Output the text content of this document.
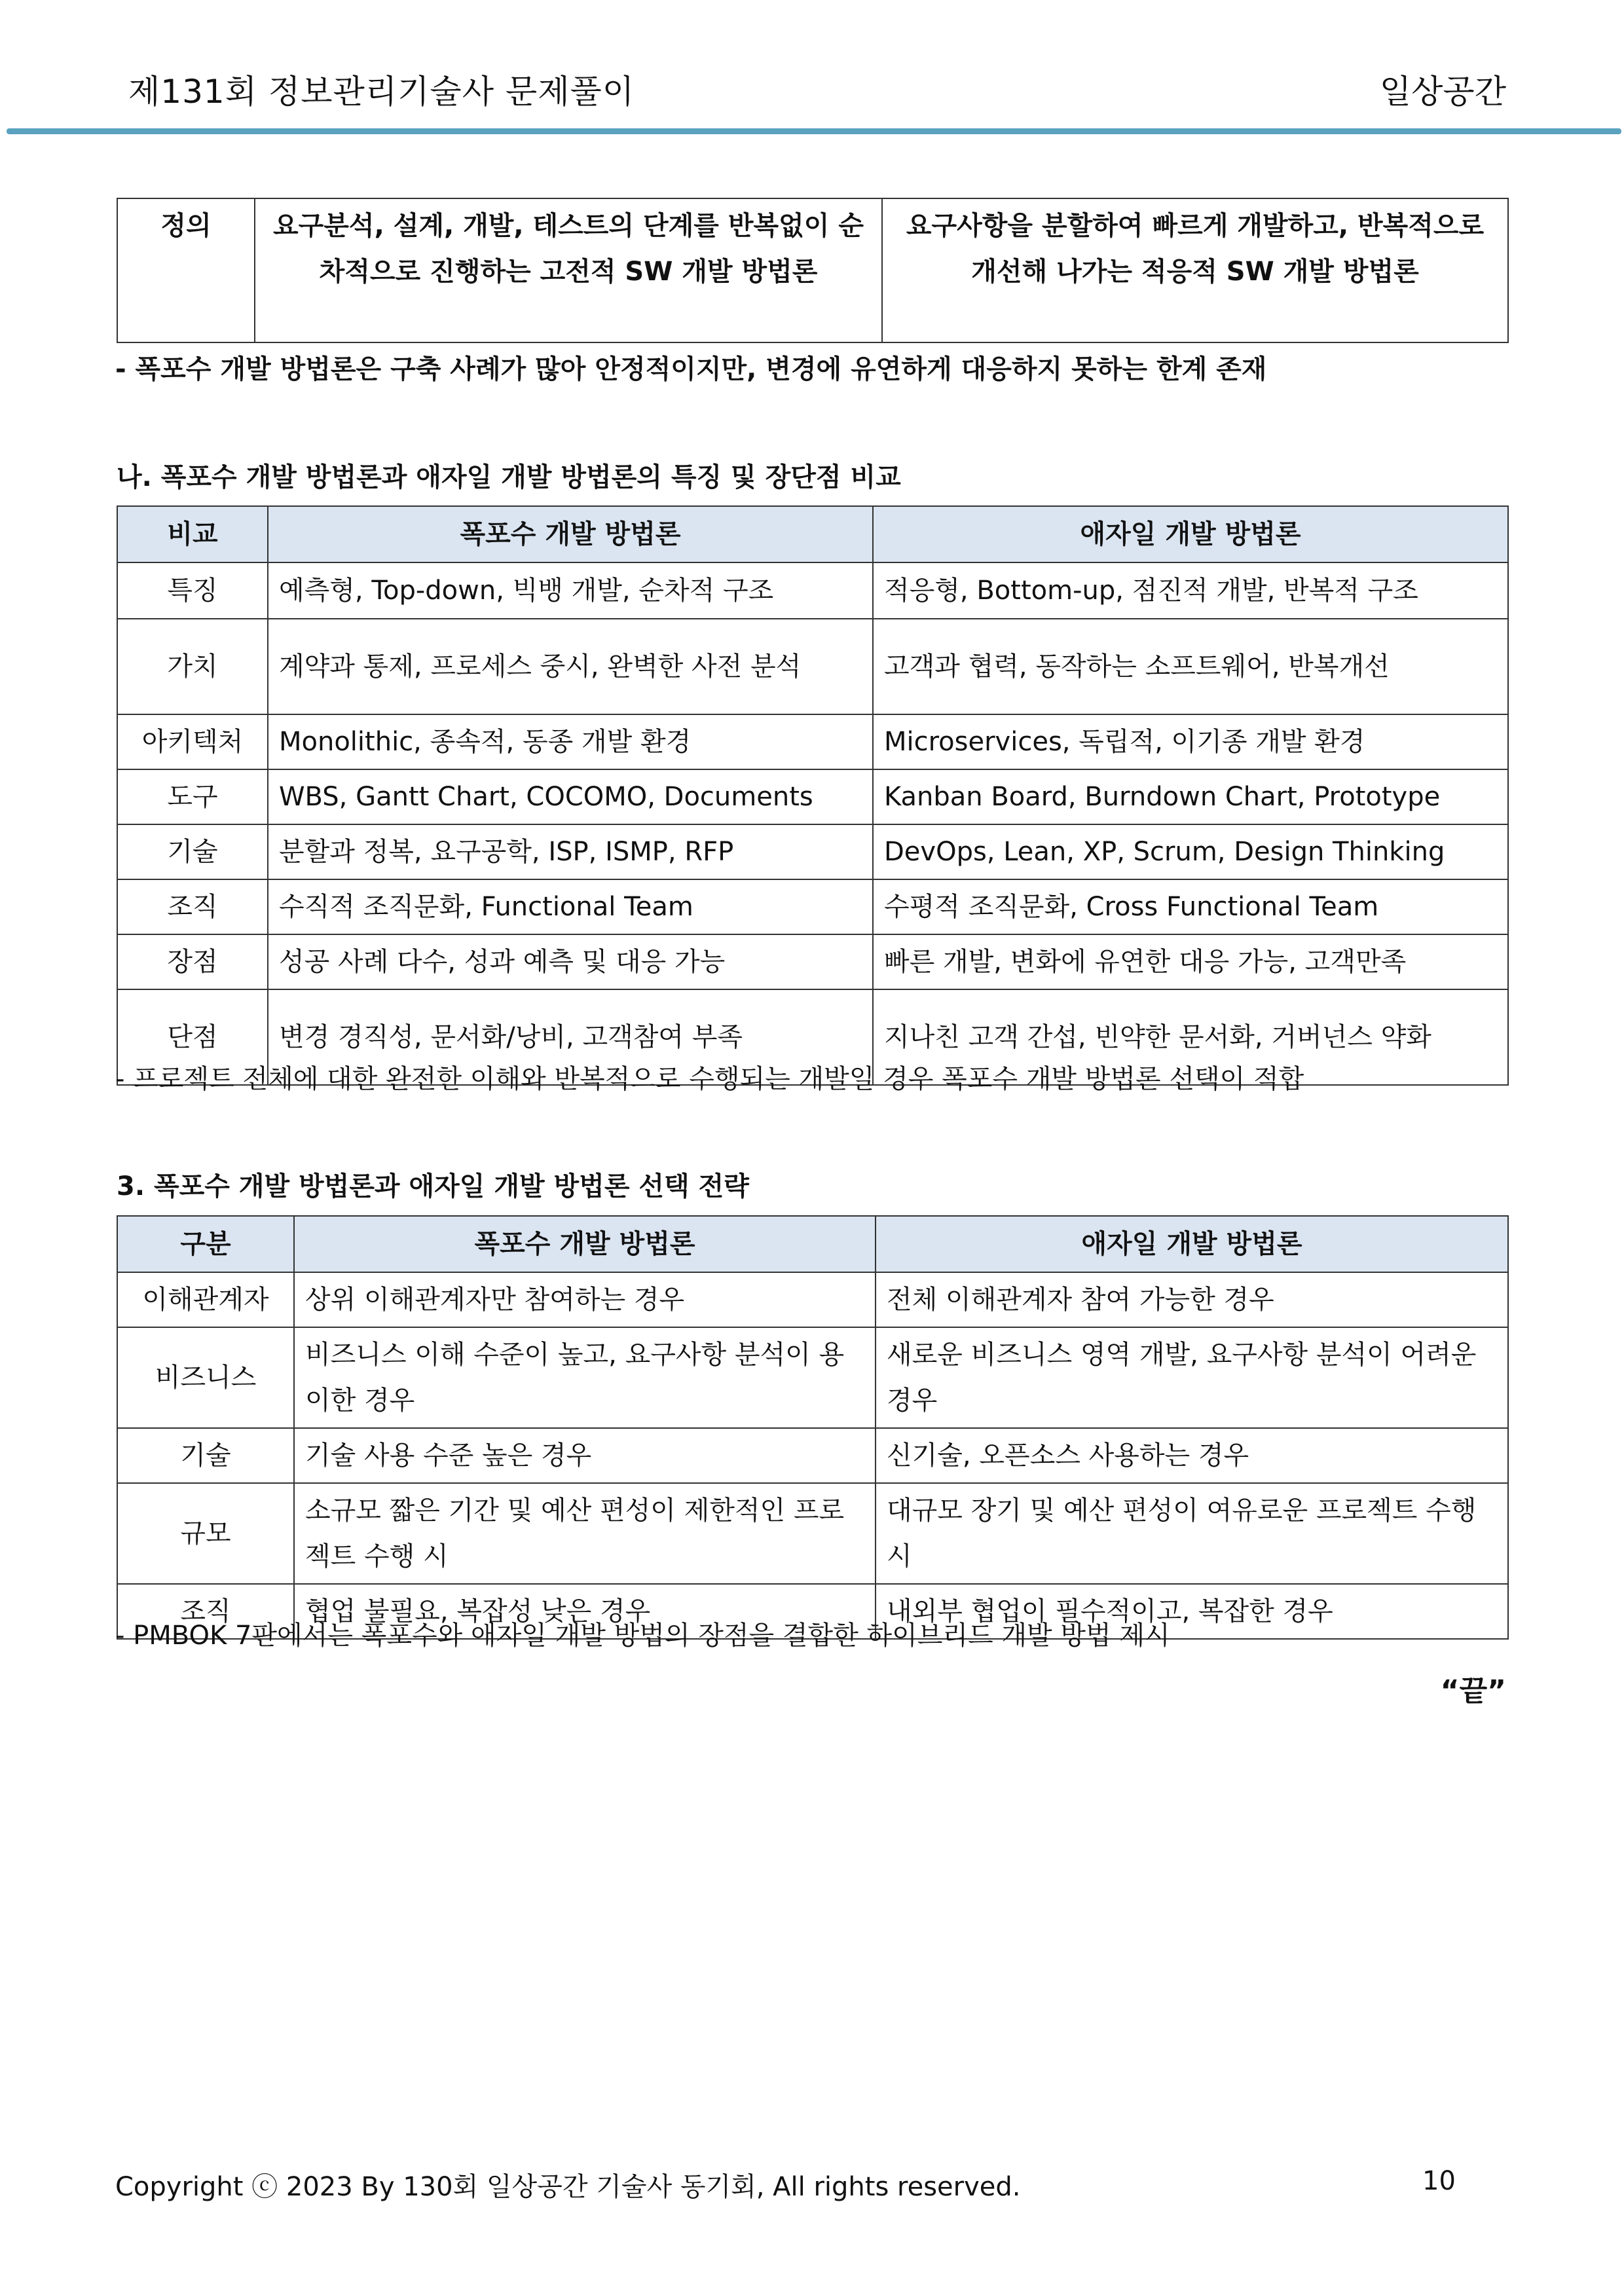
제131회 정보관리기술사 문제풀이	일상공간
정의	요구분석, 설계, 개발, 테스트의 단계를 반복없이 순차적으로 진행하는 고전적 SW 개발 방법론	요구사항을 분할하여 빠르게 개발하고, 반복적으로 개선해 나가는 적응적 SW 개발 방법론
- 폭포수 개발 방법론은 구축 사례가 많아 안정적이지만, 변경에 유연하게 대응하지 못하는 한계 존재
나. 폭포수 개발 방법론과 애자일 개발 방법론의 특징 및 장단점 비교
비교	폭포수 개발 방법론	애자일 개발 방법론
특징	예측형, Top-down, 빅뱅 개발, 순차적 구조	적응형, Bottom-up, 점진적 개발, 반복적 구조
가치	계약과 통제, 프로세스 중시, 완벽한 사전 분석	고객과 협력, 동작하는 소프트웨어, 반복개선
아키텍처	Monolithic, 종속적, 동종 개발 환경	Microservices, 독립적, 이기종 개발 환경
도구	WBS, Gantt Chart, COCOMO, Documents	Kanban Board, Burndown Chart, Prototype
기술	분할과 정복, 요구공학, ISP, ISMP, RFP	DevOps, Lean, XP, Scrum, Design Thinking
조직	수직적 조직문화, Functional Team	수평적 조직문화, Cross Functional Team
장점	성공 사례 다수, 성과 예측 및 대응 가능	빠른 개발, 변화에 유연한 대응 가능, 고객만족
단점	변경 경직성, 문서화/낭비, 고객참여 부족	지나친 고객 간섭, 빈약한 문서화, 거버넌스 약화
- 프로젝트 전체에 대한 완전한 이해와 반복적으로 수행되는 개발일 경우 폭포수 개발 방법론 선택이 적합
3. 폭포수 개발 방법론과 애자일 개발 방법론 선택 전략
구분	폭포수 개발 방법론	애자일 개발 방법론
이해관계자	상위 이해관계자만 참여하는 경우	전체 이해관계자 참여 가능한 경우
비즈니스	비즈니스 이해 수준이 높고, 요구사항 분석이 용이한 경우	새로운 비즈니스 영역 개발, 요구사항 분석이 어려운 경우
기술	기술 사용 수준 높은 경우	신기술, 오픈소스 사용하는 경우
규모	소규모 짧은 기간 및 예산 편성이 제한적인 프로젝트 수행 시	대규모 장기 및 예산 편성이 여유로운 프로젝트 수행 시
조직	협업 불필요, 복잡성 낮은 경우	내외부 협업이 필수적이고, 복잡한 경우
- PMBOK 7판에서는 폭포수와 애자일 개발 방법의 장점을 결합한 하이브리드 개발 방법 제시
“끝”
Copyright ⓒ 2023 By 130회 일상공간 기술사 동기회, All rights reserved.	10
